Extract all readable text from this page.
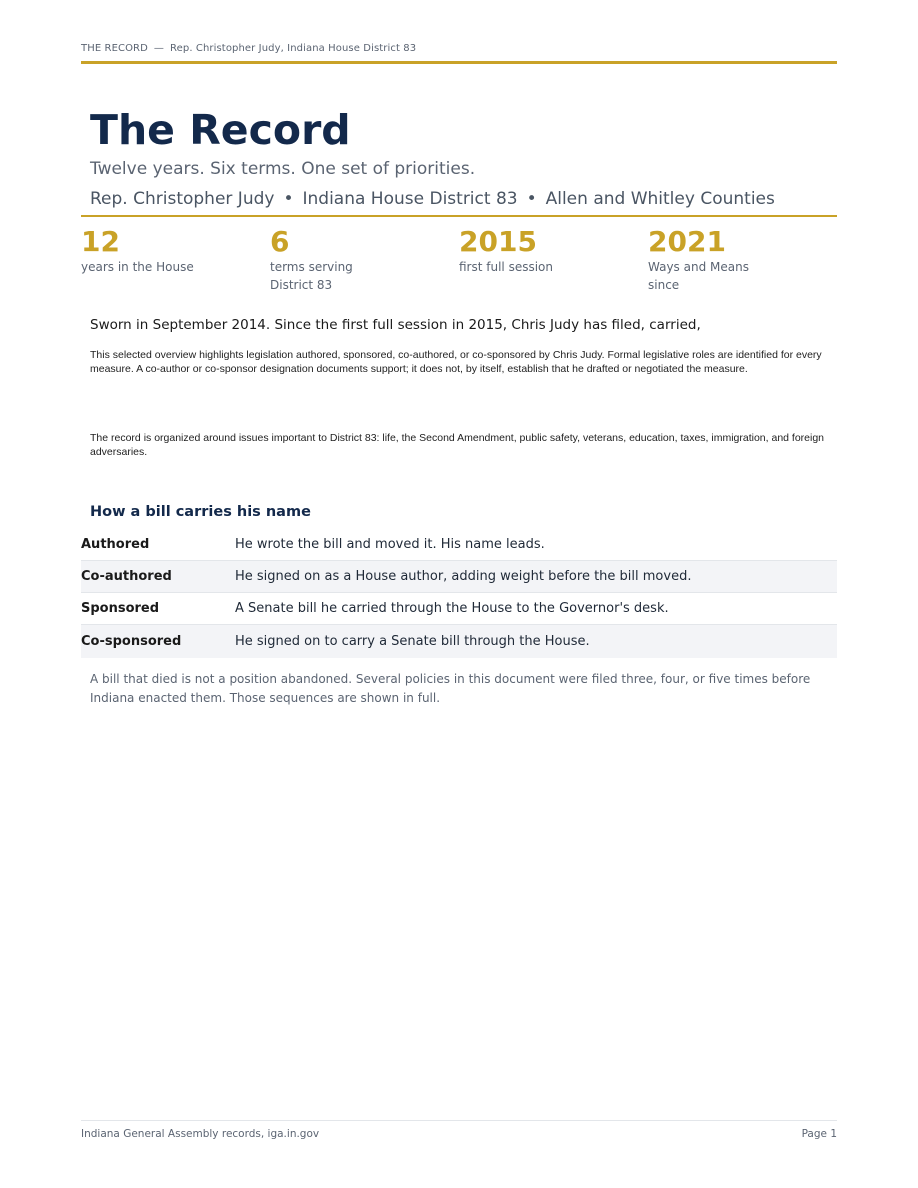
THE RECORD — Rep. Christopher Judy, Indiana House District 83
The Record
Twelve years. Six terms. One set of priorities.
Rep. Christopher Judy • Indiana House District 83 • Allen and Whitley Counties
12
years in the House
6
terms serving District 83
2015
first full session
2021
Ways and Means since
Sworn in September 2014. Since the first full session in 2015, Chris Judy has filed, carried,
This selected overview highlights legislation authored, sponsored, co-authored, or co-sponsored by Chris Judy. Formal legislative roles are identified for every measure. A co-author or co-sponsor designation documents support; it does not, by itself, establish that he drafted or negotiated the measure.
The record is organized around issues important to District 83: life, the Second Amendment, public safety, veterans, education, taxes, immigration, and foreign adversaries.
How a bill carries his name
Authored	He wrote the bill and moved it. His name leads.
Co-authored	He signed on as a House author, adding weight before the bill moved.
Sponsored	A Senate bill he carried through the House to the Governor's desk.
Co-sponsored	He signed on to carry a Senate bill through the House.
A bill that died is not a position abandoned. Several policies in this document were filed three, four, or five times before Indiana enacted them. Those sequences are shown in full.
Indiana General Assembly records, iga.in.gov	Page 1
